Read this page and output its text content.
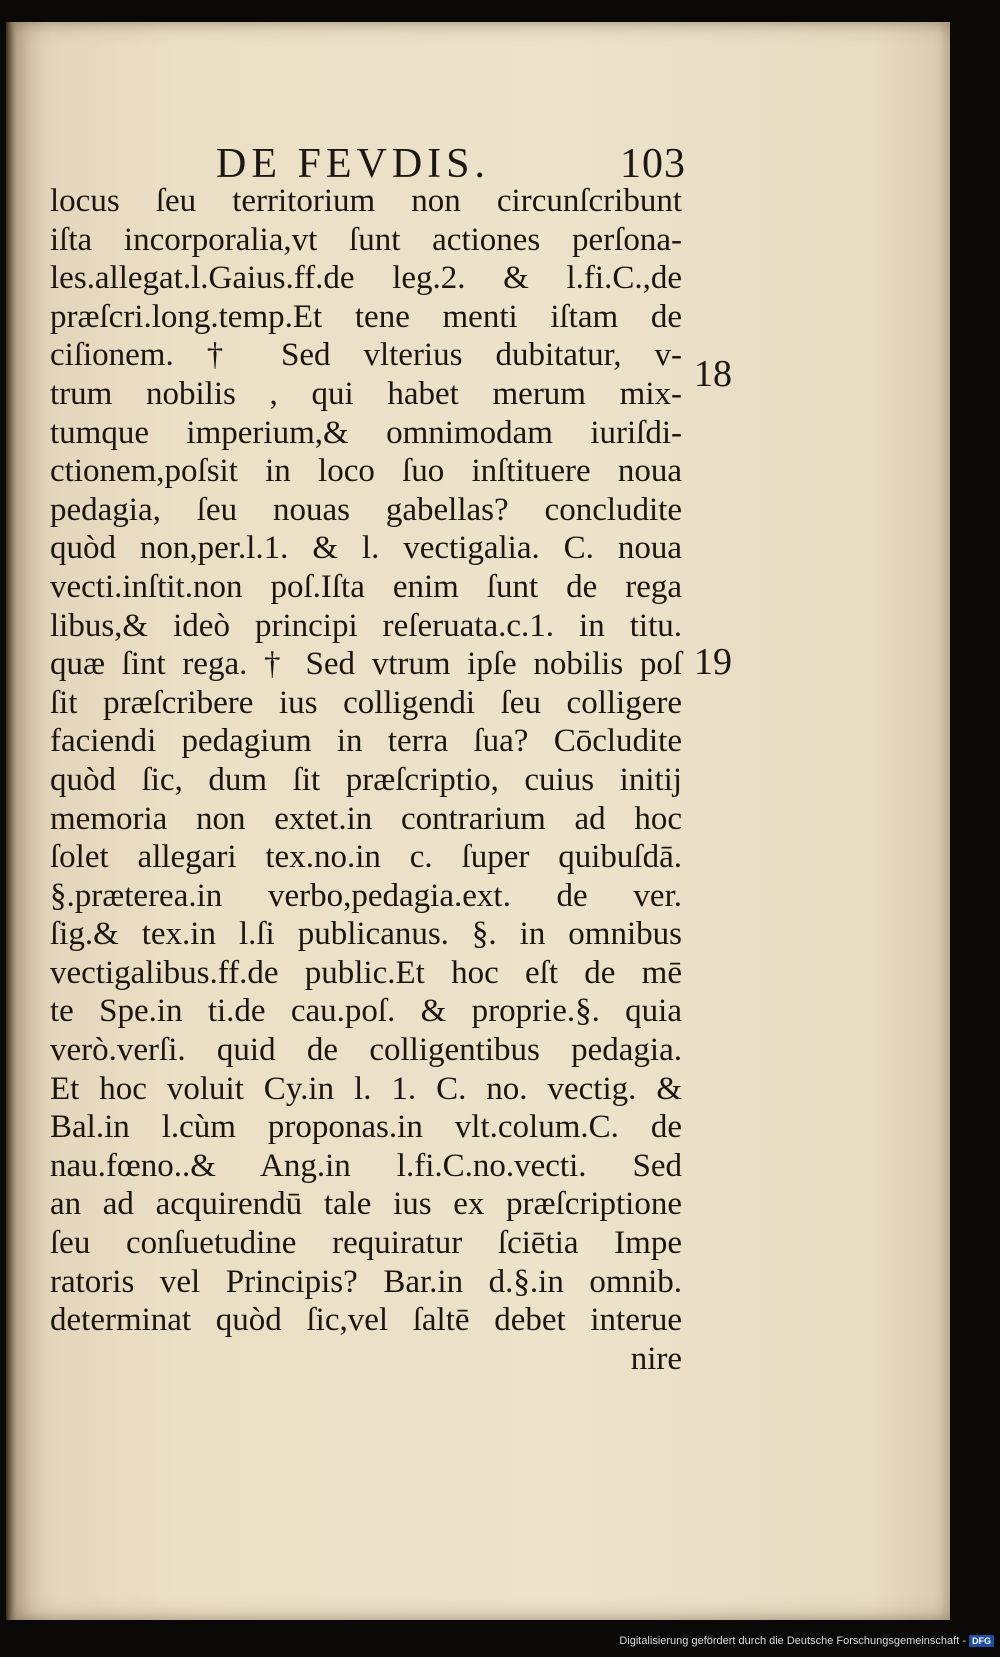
DE FEVDIS.	103
18
19
locus ſeu territorium non circunſcribunt
iſta incorporalia,vt ſunt actiones perſona-
les.allegat.l.Gaius.ff.de leg.2. & l.fi.C.,de
præſcri.long.temp.Et tene menti iſtam de
ciſionem. † Sed vlterius dubitatur, v-
trum nobilis , qui habet merum mix-
tumque imperium,& omnimodam iuriſdi-
ctionem,poſsit in loco ſuo inſtituere noua
pedagia, ſeu nouas gabellas? concludite
quòd non,per.l.1. & l. vectigalia. C. noua
vecti.inſtit.non poſ.Iſta enim ſunt de rega
libus,& ideò principi reſeruata.c.1. in titu.
quæ ſint rega. † Sed vtrum ipſe nobilis poſ
ſit præſcribere ius colligendi ſeu colligere
faciendi pedagium in terra ſua? Cōcludite
quòd ſic, dum ſit præſcriptio, cuius initij
memoria non extet.in contrarium ad hoc
ſolet allegari tex.no.in c. ſuper quibuſdā.
§.præterea.in verbo,pedagia.ext. de ver.
ſig.& tex.in l.ſi publicanus. §. in omnibus
vectigalibus.ff.de public.Et hoc eſt de mē
te Spe.in ti.de cau.poſ. & proprie.§. quia
verò.verſi. quid de colligentibus pedagia.
Et hoc voluit Cy.in l. 1. C. no. vectig. &
Bal.in l.cùm proponas.in vlt.colum.C. de
nau.fœno..& Ang.in l.fi.C.no.vecti. Sed
an ad acquirendū tale ius ex præſcriptione
ſeu conſuetudine requiratur ſciētia Impe
ratoris vel Principis? Bar.in d.§.in omnib.
determinat quòd ſic,vel ſaltē debet interue
nire
Digitalisierung gefördert durch die Deutsche Forschungsgemeinschaft - DFG
